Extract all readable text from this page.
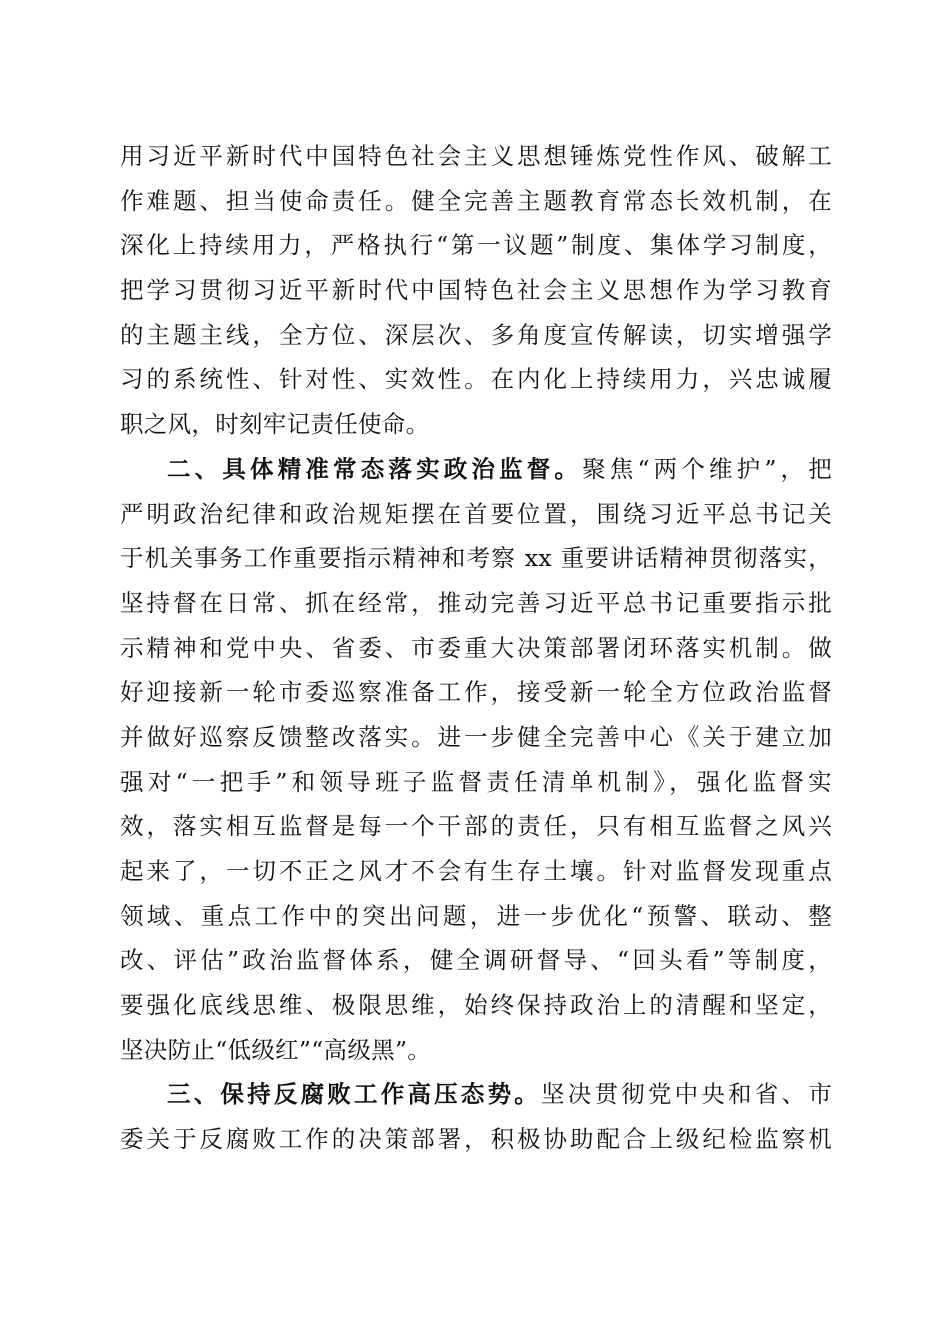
用习近平新时代中国特色社会主义思想锤炼党性作风、破解工
作难题、担当使命责任。健全完善主题教育常态长效机制，在
深化上持续用力，严格执行“第一议题”制度、集体学习制度，
把学习贯彻习近平新时代中国特色社会主义思想作为学习教育
的主题主线，全方位、深层次、多角度宣传解读，切实增强学
习的系统性、针对性、实效性。在内化上持续用力，兴忠诚履
职之风，时刻牢记责任使命。
二、具体精准常态落实政治监督。聚焦“两个维护”，把
严明政治纪律和政治规矩摆在首要位置，围绕习近平总书记关
于机关事务工作重要指示精神和考察 xx 重要讲话精神贯彻落实，
坚持督在日常、抓在经常，推动完善习近平总书记重要指示批
示精神和党中央、省委、市委重大决策部署闭环落实机制。做
好迎接新一轮市委巡察准备工作，接受新一轮全方位政治监督
并做好巡察反馈整改落实。进一步健全完善中心《关于建立加
强对“一把手”和领导班子监督责任清单机制》，强化监督实
效，落实相互监督是每一个干部的责任，只有相互监督之风兴
起来了，一切不正之风才不会有生存土壤。针对监督发现重点
领域、重点工作中的突出问题，进一步优化“预警、联动、整
改、评估”政治监督体系，健全调研督导、“回头看”等制度，
要强化底线思维、极限思维，始终保持政治上的清醒和坚定，
坚决防止“低级红”“高级黑”。
三、保持反腐败工作高压态势。坚决贯彻党中央和省、市
委关于反腐败工作的决策部署，积极协助配合上级纪检监察机
